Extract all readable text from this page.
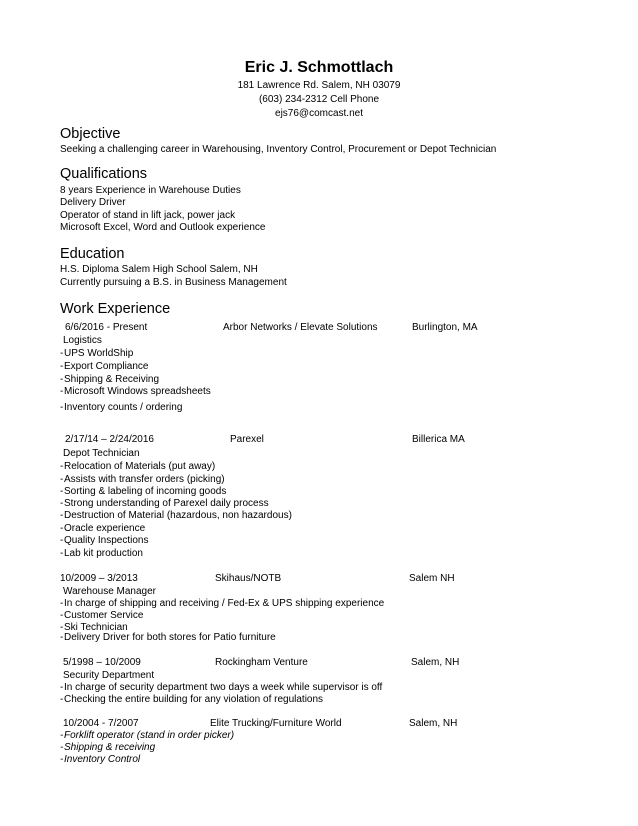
Eric J. Schmottlach
181 Lawrence Rd. Salem, NH 03079
(603) 234-2312 Cell Phone
ejs76@comcast.net
Objective
Seeking a challenging career in Warehousing, Inventory Control, Procurement or Depot Technician
Qualifications
8 years Experience in Warehouse Duties
Delivery Driver
Operator of stand in lift jack, power jack
Microsoft Excel, Word and Outlook experience
Education
H.S. Diploma Salem High School Salem, NH
Currently pursuing a B.S. in Business Management
Work Experience
6/6/2016 - Present	Arbor Networks / Elevate Solutions	Burlington, MA
Logistics
-UPS WorldShip
-Export Compliance
-Shipping & Receiving
-Microsoft Windows spreadsheets
-Inventory counts / ordering
2/17/14 – 2/24/2016	Parexel	Billerica MA
Depot Technician
-Relocation of Materials (put away)
-Assists with transfer orders (picking)
-Sorting & labeling of incoming goods
-Strong understanding of Parexel daily process
-Destruction of Material (hazardous, non hazardous)
-Oracle experience
-Quality Inspections
-Lab kit production
10/2009 – 3/2013	Skihaus/NOTB	Salem NH
Warehouse Manager
-In charge of shipping and receiving / Fed-Ex & UPS shipping experience
-Customer Service
-Ski Technician
-Delivery Driver for both stores for Patio furniture
5/1998 – 10/2009	Rockingham Venture	Salem, NH
Security Department
-In charge of security department two days a week while supervisor is off
-Checking the entire building for any violation of regulations
10/2004 - 7/2007	Elite Trucking/Furniture World	Salem, NH
-Forklift operator (stand in order picker)
-Shipping & receiving
-Inventory Control
